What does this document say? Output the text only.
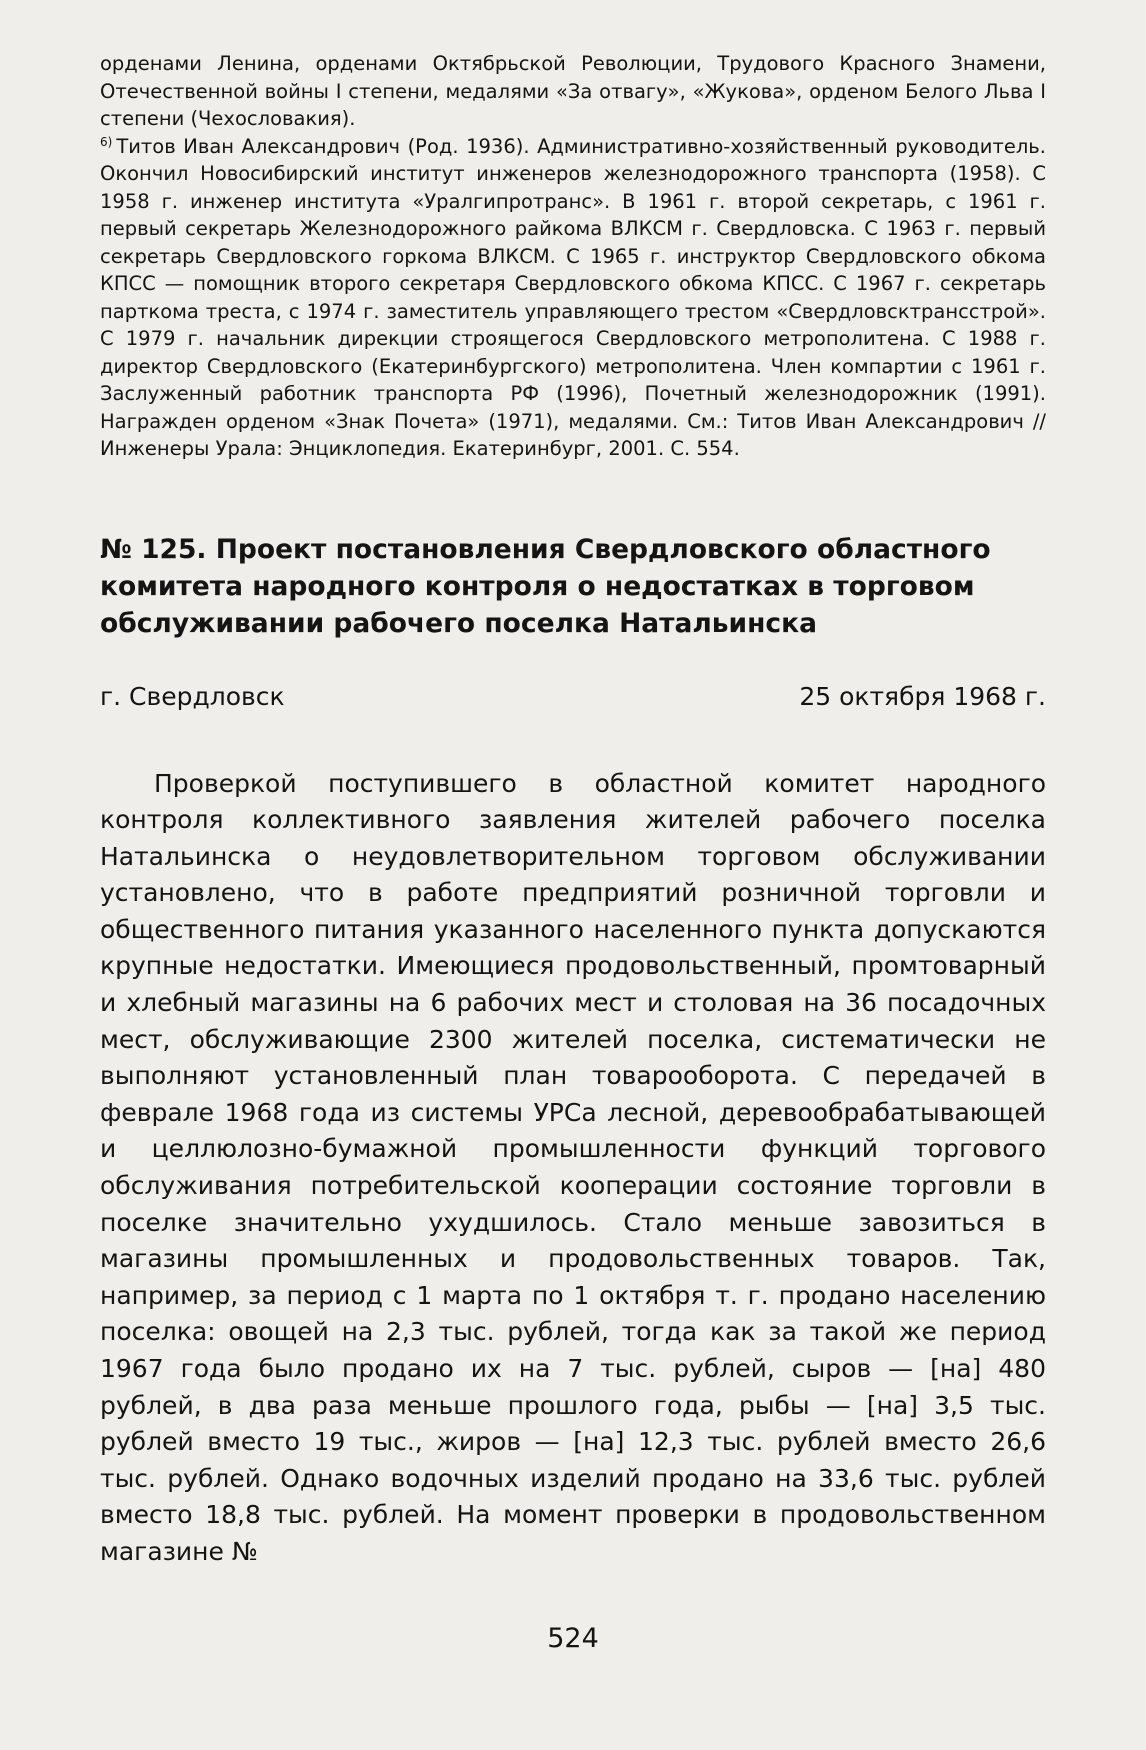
орденами Ленина, орденами Октябрьской Революции, Трудового Красного Знамени, Отечественной войны I степени, медалями «За отвагу», «Жукова», орденом Белого Льва I степени (Чехословакия).

$^{6)}$ Титов Иван Александрович (Род. 1936). Административно-хозяйственный руководитель. Окончил Новосибирский институт инженеров железнодорожного транспорта (1958). С 1958 г. инженер института «Уралгипротранс». В 1961 г. второй секретарь, с 1961 г. первый секретарь Железнодорожного райкома ВЛКСМ г. Свердловска. С 1963 г. первый секретарь Свердловского горкома ВЛКСМ. С 1965 г. инструктор Свердловского обкома КПСС — помощник второго секретаря Свердловского обкома КПСС. С 1967 г. секретарь парткома треста, с 1974 г. заместитель управляющего трестом «Свердловсктрансстрой». С 1979 г. начальник дирекции строящегося Свердловского метрополитена. С 1988 г. директор Свердловского (Екатеринбургского) метрополитена. Член компартии с 1961 г. Заслуженный работник транспорта РФ (1996), Почетный железнодорожник (1991). Награжден орденом «Знак Почета» (1971), медалями. См.: Титов Иван Александрович // Инженеры Урала: Энциклопедия. Екатеринбург, 2001. С. 554.

№ 125. Проект постановления Свердловского областного комитета народного контроля о недостатках в торговом обслуживании рабочего поселка Натальинска
г. Свердловск	25 октября 1968 г.

Проверкой поступившего в областной комитет народного контроля коллективного заявления жителей рабочего поселка Натальинска о неудовлетворительном торговом обслуживании установлено, что в работе предприятий розничной торговли и общественного питания указанного населенного пункта допускаются крупные недостатки. Имеющиеся продовольственный, промтоварный и хлебный магазины на 6 рабочих мест и столовая на 36 посадочных мест, обслуживающие 2300 жителей поселка, систематически не выполняют установленный план товарооборота. С передачей в феврале 1968 года из системы УРСа лесной, деревообрабатывающей и целлюлозно-бумажной промышленности функций торгового обслуживания потребительской кооперации состояние торговли в поселке значительно ухудшилось. Стало меньше завозиться в магазины промышленных и продовольственных товаров. Так, например, за период с 1 марта по 1 октября т. г. продано населению поселка: овощей на 2,3 тыс. рублей, тогда как за такой же период 1967 года было продано их на 7 тыс. рублей, сыров — [на] 480 рублей, в два раза меньше прошлого года, рыбы — [на] 3,5 тыс. рублей вместо 19 тыс., жиров — [на] 12,3 тыс. рублей вместо 26,6 тыс. рублей. Однако водочных изделий продано на 33,6 тыс. рублей вместо 18,8 тыс. рублей. На момент проверки в продовольственном магазине №

524
